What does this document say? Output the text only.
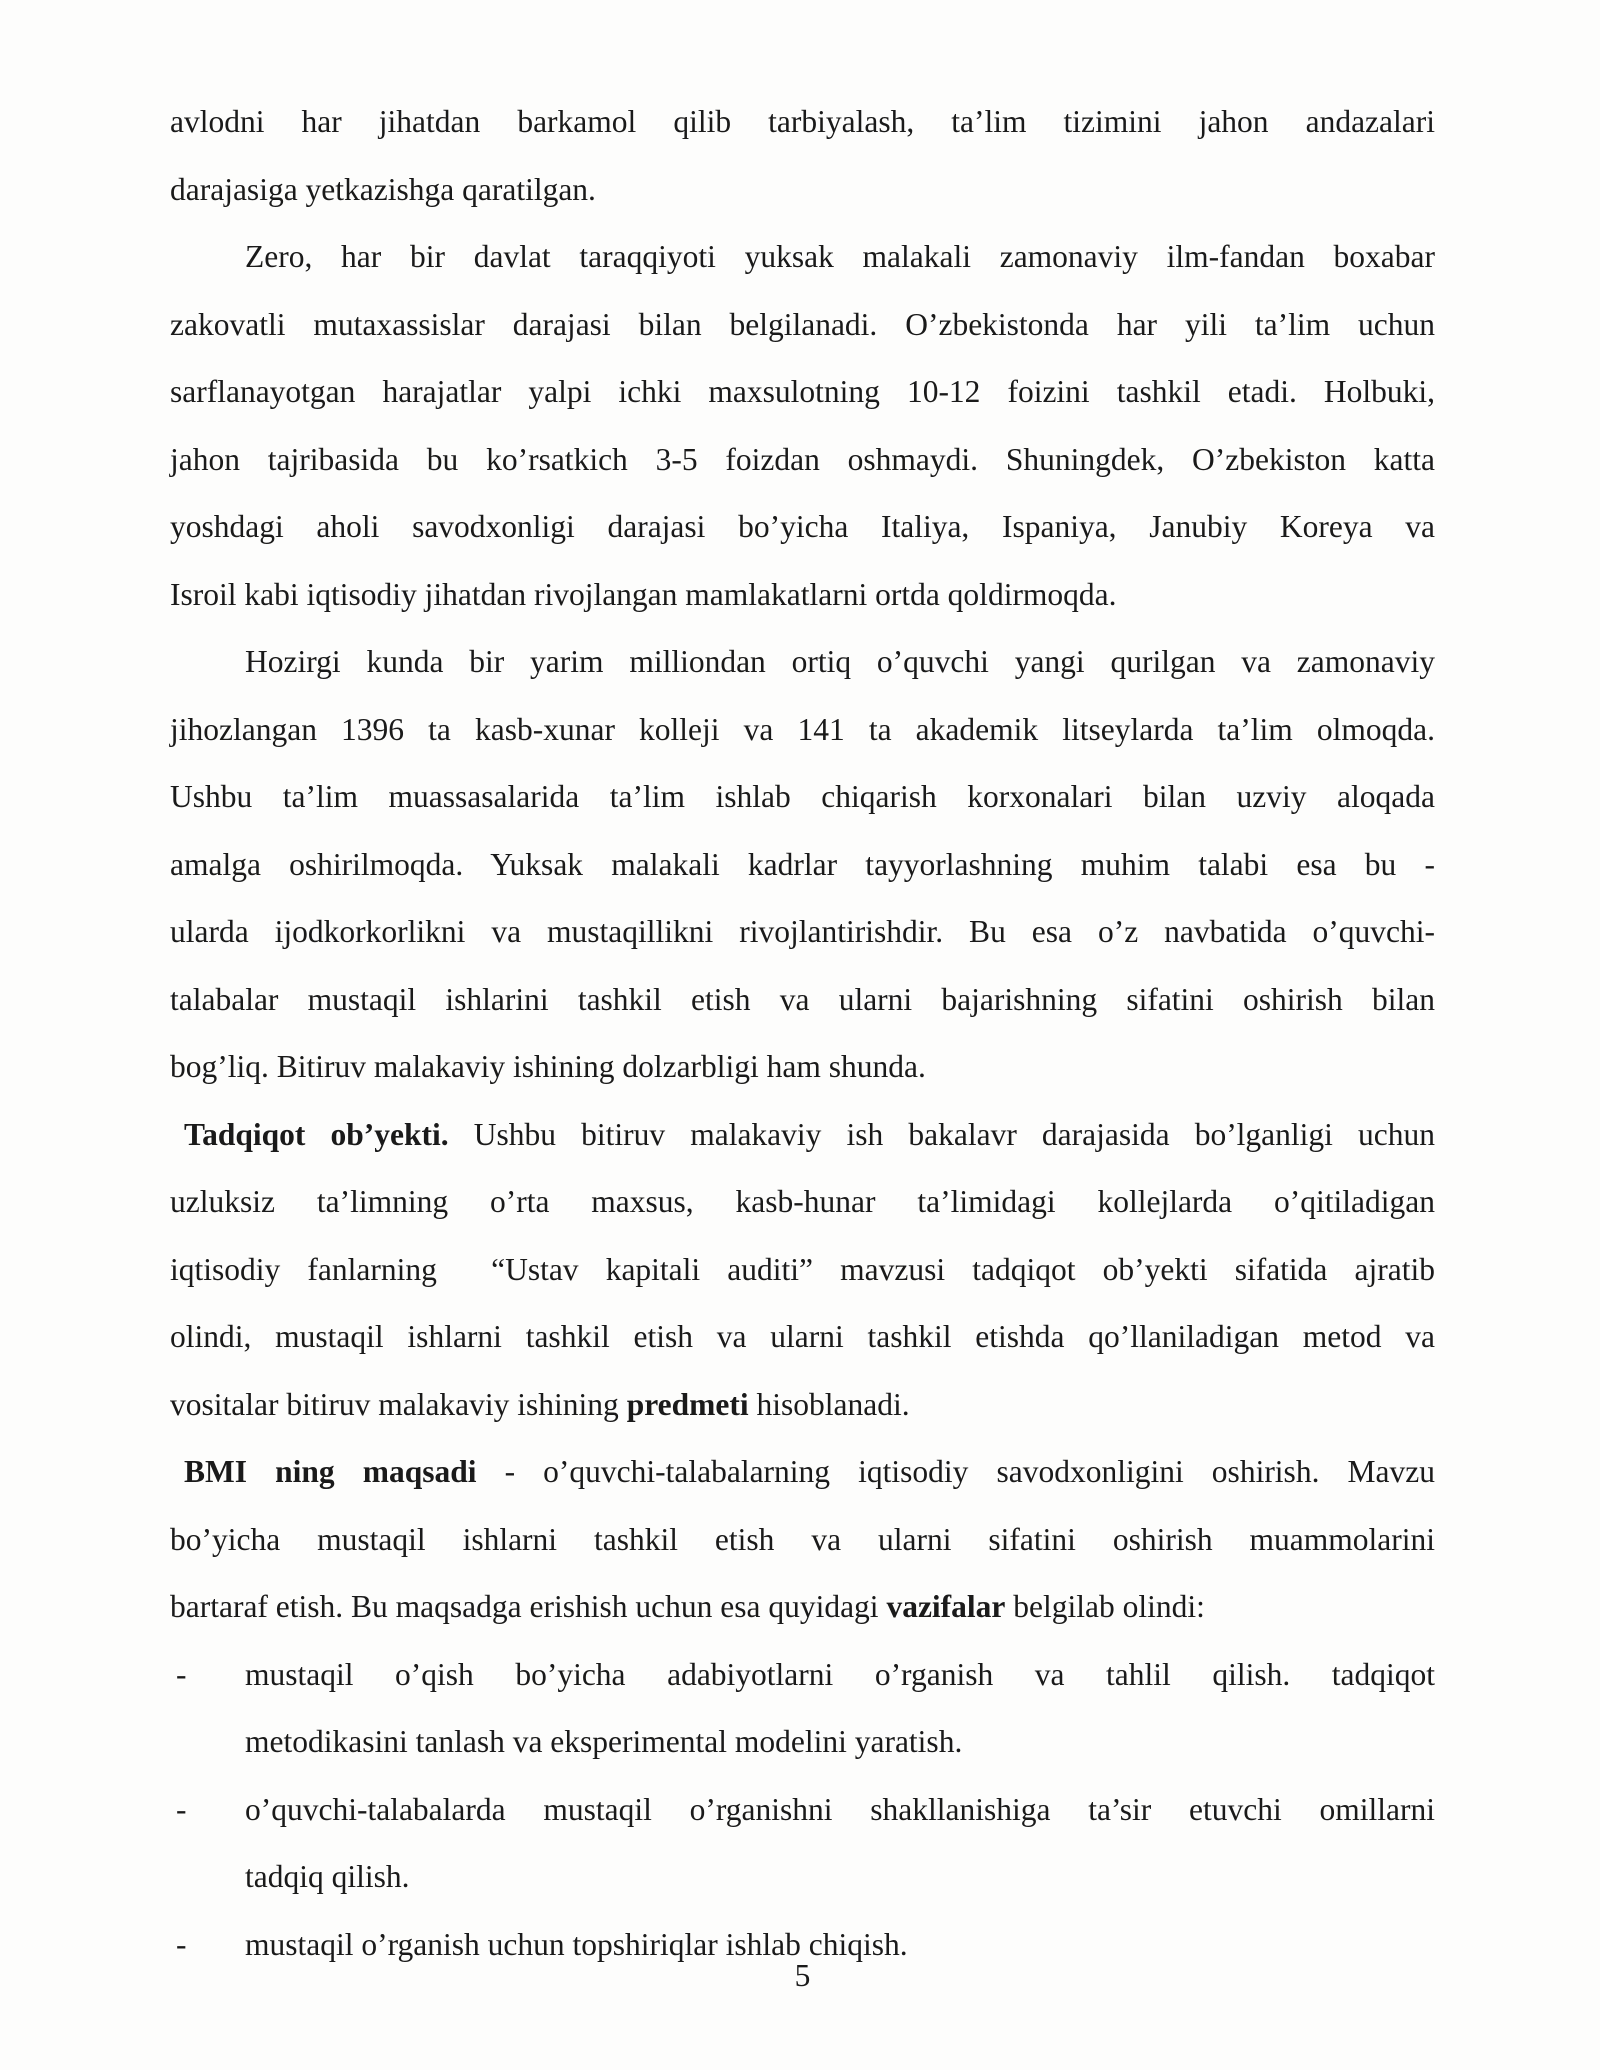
avlodni har jihatdan barkamol qilib tarbiyalash, ta’lim tizimini jahon andazalari
darajasiga yetkazishga qaratilgan.
Zero, har bir davlat taraqqiyoti yuksak malakali zamonaviy ilm-fandan boxabar
zakovatli mutaxassislar darajasi bilan belgilanadi. O’zbekistonda har yili ta’lim uchun
sarflanayotgan harajatlar yalpi ichki maxsulotning 10-12 foizini tashkil etadi. Holbuki,
jahon tajribasida bu ko’rsatkich 3-5 foizdan oshmaydi. Shuningdek, O’zbekiston katta
yoshdagi aholi savodxonligi darajasi bo’yicha Italiya, Ispaniya, Janubiy Koreya va
Isroil kabi iqtisodiy jihatdan rivojlangan mamlakatlarni ortda qoldirmoqda.
Hozirgi kunda bir yarim milliondan ortiq o’quvchi yangi qurilgan va zamonaviy
jihozlangan 1396 ta kasb-xunar kolleji va 141 ta akademik litseylarda ta’lim olmoqda.
Ushbu ta’lim muassasalarida ta’lim ishlab chiqarish korxonalari bilan uzviy aloqada
amalga oshirilmoqda. Yuksak malakali kadrlar tayyorlashning muhim talabi esa bu -
ularda ijodkorkorlikni va mustaqillikni rivojlantirishdir. Bu esa o’z navbatida o’quvchi-
talabalar mustaqil ishlarini tashkil etish va ularni bajarishning sifatini oshirish bilan
bog’liq. Bitiruv malakaviy ishining dolzarbligi ham shunda.
Tadqiqot ob’yekti. Ushbu bitiruv malakaviy ish bakalavr darajasida bo’lganligi uchun
uzluksiz ta’limning o’rta maxsus, kasb-hunar ta’limidagi kollejlarda o’qitiladigan
iqtisodiy fanlarning  “Ustav kapitali auditi” mavzusi tadqiqot ob’yekti sifatida ajratib
olindi, mustaqil ishlarni tashkil etish va ularni tashkil etishda qo’llaniladigan metod va
vositalar bitiruv malakaviy ishining predmeti hisoblanadi.
BMI ning maqsadi - o’quvchi-talabalarning iqtisodiy savodxonligini oshirish. Mavzu
bo’yicha mustaqil ishlarni tashkil etish va ularni sifatini oshirish muammolarini
bartaraf etish. Bu maqsadga erishish uchun esa quyidagi vazifalar belgilab olindi:
- mustaqil o’qish bo’yicha adabiyotlarni o’rganish va tahlil qilish. tadqiqot
metodikasini tanlash va eksperimental modelini yaratish.
- o’quvchi-talabalarda mustaqil o’rganishni shakllanishiga ta’sir etuvchi omillarni
tadqiq qilish.
- mustaqil o’rganish uchun topshiriqlar ishlab chiqish.
5
